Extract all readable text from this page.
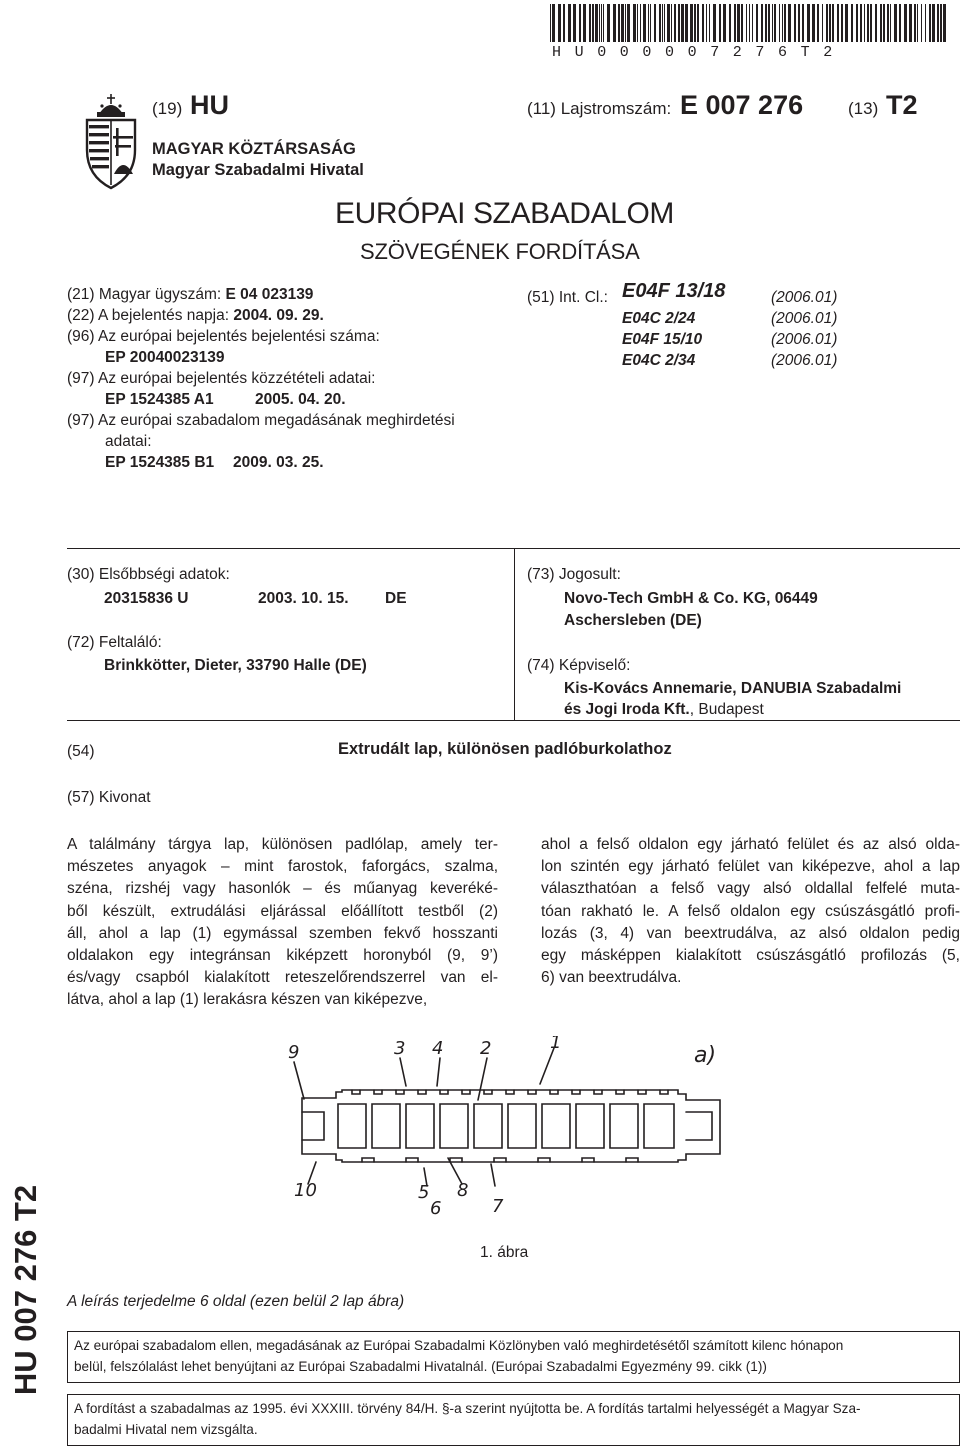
HU000007276T2
(19) HU	(11) Lajstromszám: E 007 276	(13) T2
MAGYAR KÖZTÁRSASÁG
Magyar Szabadalmi Hivatal
EURÓPAI SZABADALOM
SZÖVEGÉNEK FORDÍTÁSA
(21) Magyar ügyszám: E 04 023139
(22) A bejelentés napja: 2004. 09. 29.
(96) Az európai bejelentés bejelentési száma:
EP 20040023139
(97) Az európai bejelentés közzétételi adatai:
EP 1524385 A1	2005. 04. 20.
(97) Az európai szabadalom megadásának meghirdetési
adatai:
EP 1524385 B1 2009. 03. 25.
(51) Int. Cl.: E04F 13/18	(2006.01)
E04C 2/24	(2006.01)
E04F 15/10	(2006.01)
E04C 2/34	(2006.01)
(30) Elsőbbségi adatok:
20315836 U	2003. 10. 15. DE
(72) Feltaláló:
Brinkkötter, Dieter, 33790 Halle (DE)
(73) Jogosult:
Novo-Tech GmbH & Co. KG, 06449
Aschersleben (DE)
(74) Képviselő:
Kis-Kovács Annemarie, DANUBIA Szabadalmi
és Jogi Iroda Kft., Budapest
(54)	Extrudált lap, különösen padlóburkolathoz
(57) Kivonat
A találmány tárgya lap, különösen padlólap, amely ter-
mészetes anyagok – mint farostok, faforgács, szalma,
széna, rizshéj vagy hasonlók – és műanyag keveréké-
ből készült, extrudálási eljárással előállított testből (2)
áll, ahol a lap (1) egymással szemben fekvő hosszanti
oldalakon egy integránsan kiképzett horonyból (9, 9’)
és/vagy csapból kialakított reteszelőrendszerrel van el-
látva, ahol a lap (1) lerakásra készen van kiképezve,
ahol a felső oldalon egy járható felület és az alsó olda-
lon szintén egy járható felület van kiképezve, ahol a lap
választhatóan a felső vagy alsó oldallal felfelé muta-
tóan rakható le. A felső oldalon egy csúszásgátló profi-
lozás (3, 4) van beextrudálva, az alsó oldalon pedig
egy másképpen kialakított csúszásgátló profilozás (5,
6) van beextrudálva.
9	3 4 2	1
a)
10	5
6
8
7
1. ábra
A leírás terjedelme 6 oldal (ezen belül 2 lap ábra)
Az európai szabadalom ellen, megadásának az Európai Szabadalmi Közlönyben való meghirdetésétől számított kilenc hónapon
belül, felszólalást lehet benyújtani az Európai Szabadalmi Hivatalnál. (Európai Szabadalmi Egyezmény 99. cikk (1))
A fordítást a szabadalmas az 1995. évi XXXIII. törvény 84/H. §-a szerint nyújtotta be. A fordítás tartalmi helyességét a Magyar Sza-
badalmi Hivatal nem vizsgálta.
HU 007 276 T2
